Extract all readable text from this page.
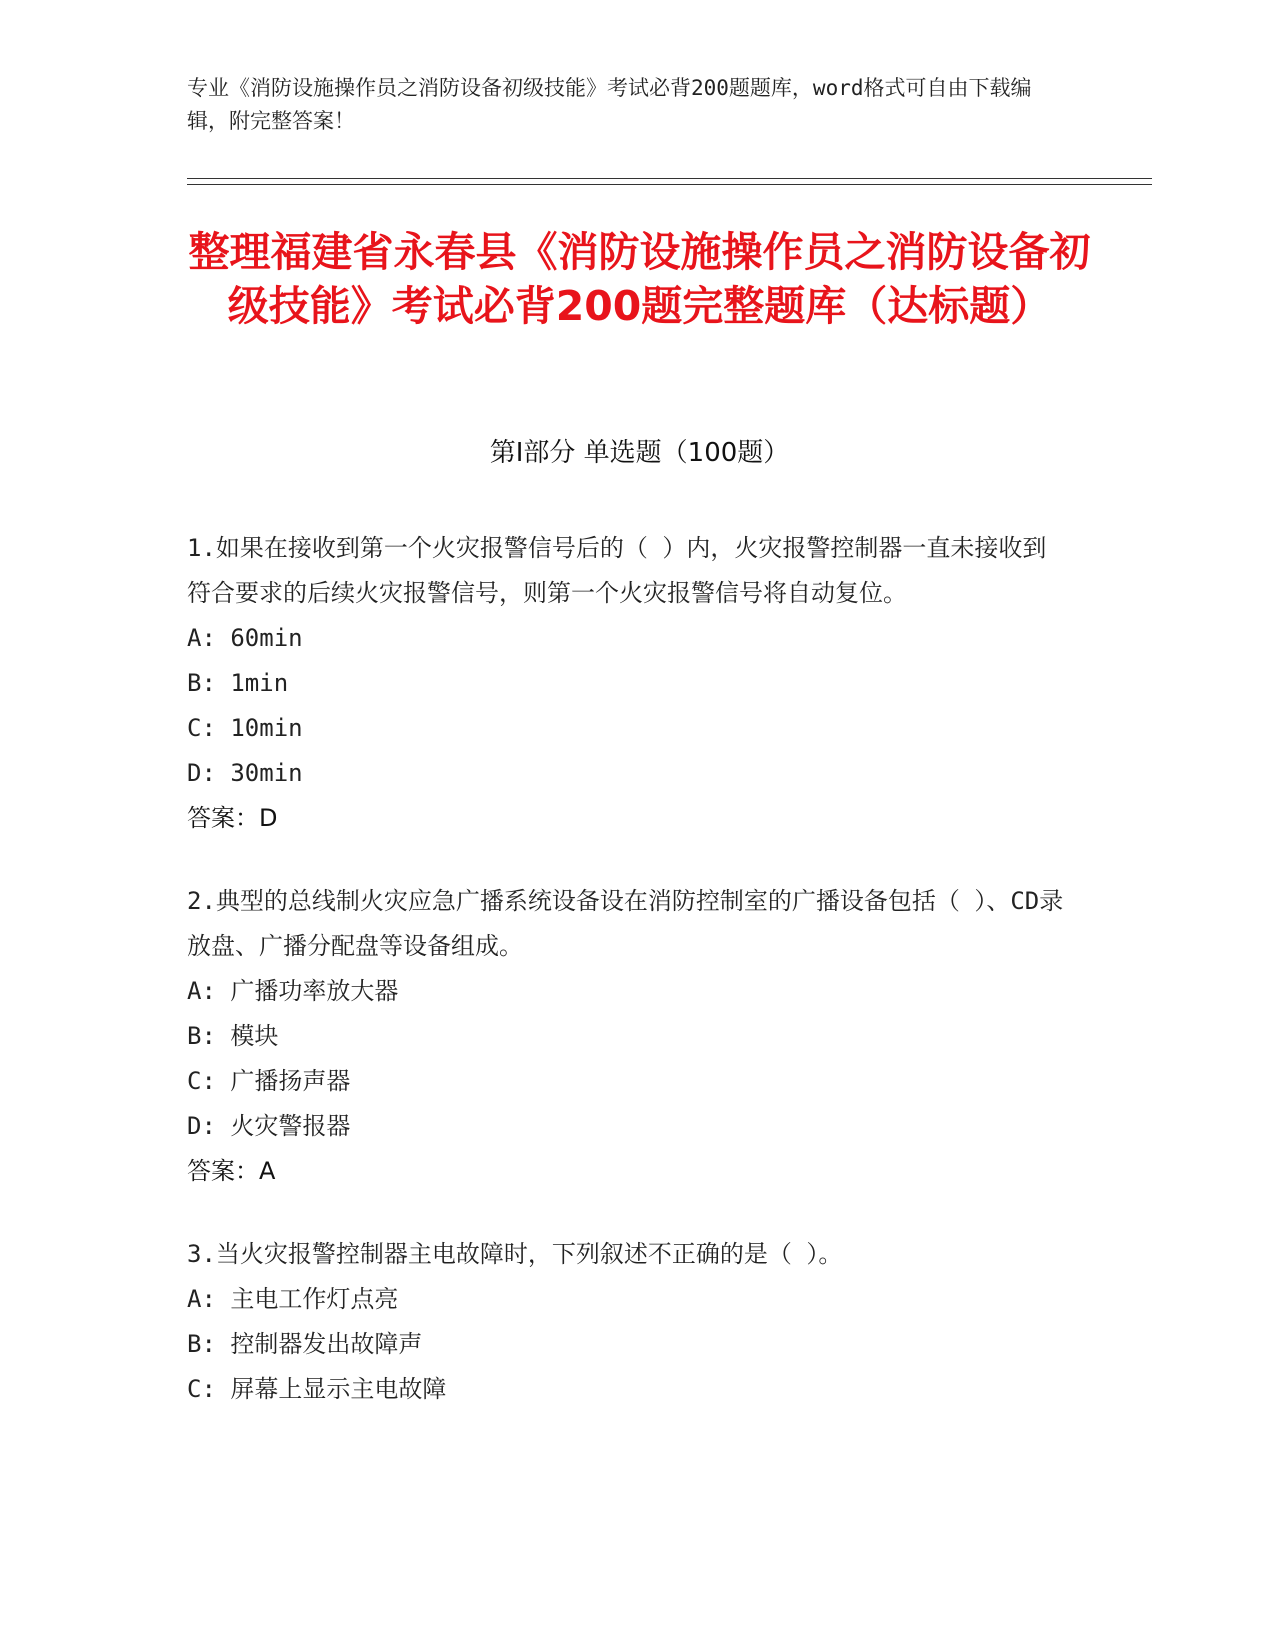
专业《消防设施操作员之消防设备初级技能》考试必背200题题库，word格式可自由下载编辑，附完整答案！
整理福建省永春县《消防设施操作员之消防设备初级技能》考试必背200题完整题库（达标题）
第Ⅰ部分 单选题（100题）
1.如果在接收到第一个火灾报警信号后的（ ）内，火灾报警控制器一直未接收到符合要求的后续火灾报警信号，则第一个火灾报警信号将自动复位。
A: 60min
B: 1min
C: 10min
D: 30min
答案：D
2.典型的总线制火灾应急广播系统设备设在消防控制室的广播设备包括（ ）、CD录放盘、广播分配盘等设备组成。
A: 广播功率放大器
B: 模块
C: 广播扬声器
D: 火灾警报器
答案：A
3.当火灾报警控制器主电故障时，下列叙述不正确的是（ ）。
A: 主电工作灯点亮
B: 控制器发出故障声
C: 屏幕上显示主电故障
